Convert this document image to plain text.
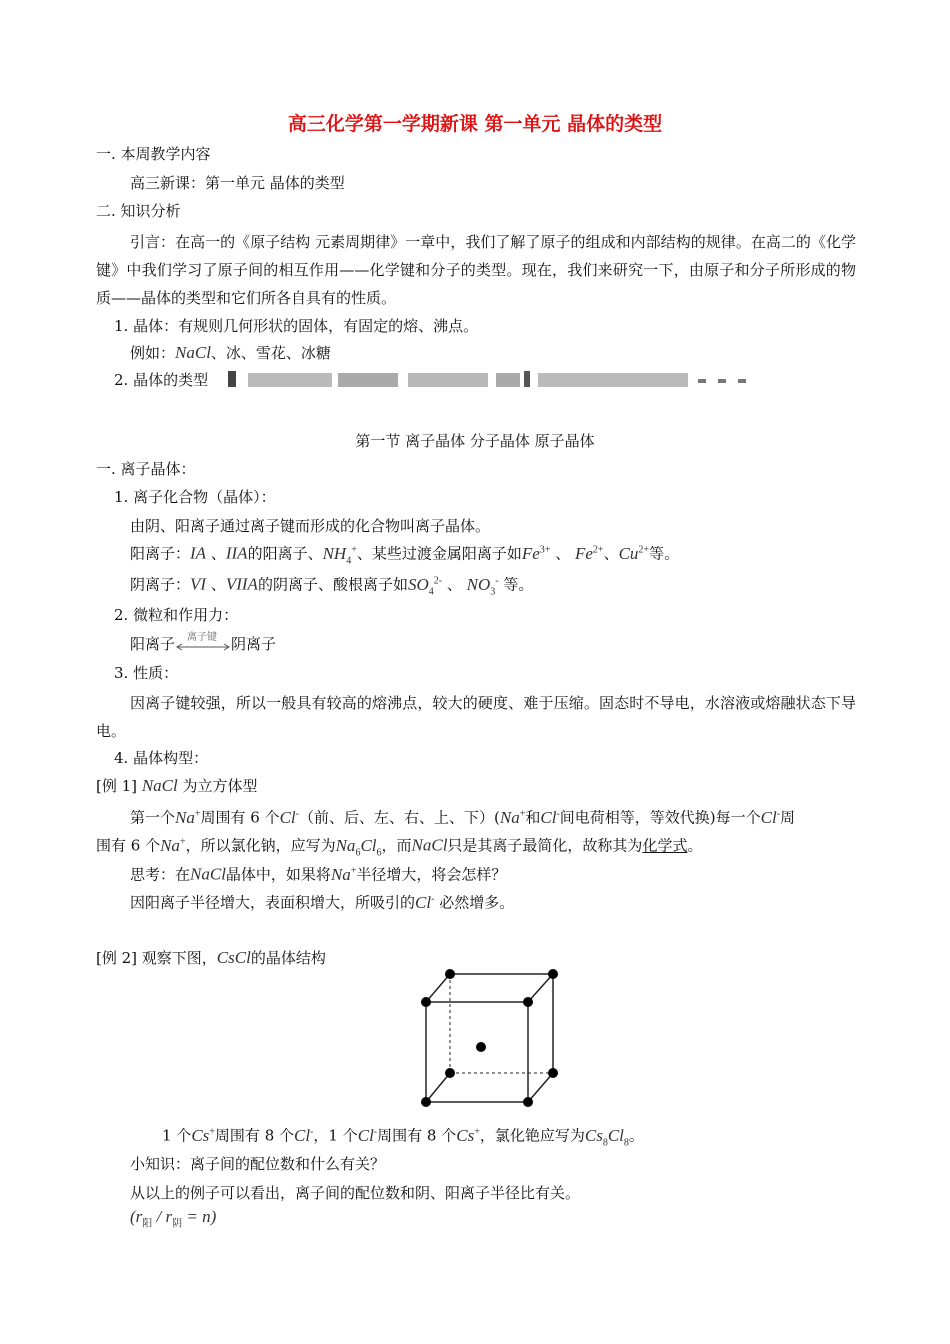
高三化学第一学期新课 第一单元 晶体的类型
一. 本周教学内容
高三新课：第一单元 晶体的类型
二. 知识分析
引言：在高一的《原子结构 元素周期律》一章中，我们了解了原子的组成和内部结构的规律。在高二的《化学键》中我们学习了原子间的相互作用——化学键和分子的类型。现在，我们来研究一下，由原子和分子所形成的物质——晶体的类型和它们所各自具有的性质。
1. 晶体：有规则几何形状的固体，有固定的熔、沸点。
例如：NaCl、冰、雪花、冰糖
2. 晶体的类型
第一节 离子晶体 分子晶体 原子晶体
一. 离子晶体：
1. 离子化合物（晶体）：
由阴、阳离子通过离子键而形成的化合物叫离子晶体。
阳离子：IA 、IIA的阳离子、$NH_4^+$、某些过渡金属阳离子如$Fe^{3+}$ 、 $Fe^{2+}$、$Cu^{2+}$等。
阴离子：VI 、VIIA的阴离子、酸根离子如$SO_4^{2-}$ 、 $NO_3^-$ 等。
2. 微粒和作用力：
阳离子 离子键 阴离子
3. 性质：
因离子键较强，所以一般具有较高的熔沸点，较大的硬度、难于压缩。固态时不导电，水溶液或熔融状态下导电。
4. 晶体构型：
[例 1] NaCl 为立方体型
第一个Na+周围有 6 个Cl-（前、后、左、右、上、下）(Na+和Cl-间电荷相等，等效代换)每一个Cl-周
围有 6 个Na+，所以氯化钠，应写为$Na_6Cl_6$，而NaCl只是其离子最简化，故称其为化学式。
思考：在NaCl晶体中，如果将Na+半径增大，将会怎样？
因阳离子半径增大，表面积增大，所吸引的Cl- 必然增多。
[例 2] 观察下图，CsCl的晶体结构
1 个Cs+周围有 8 个Cl-，1 个Cl-周围有 8 个Cs+，氯化铯应写为$Cs_8Cl_8$。
小知识：离子间的配位数和什么有关？
从以上的例子可以看出，离子间的配位数和阴、阳离子半径比有关。
$(r_阳 / r_阴 = n)$
